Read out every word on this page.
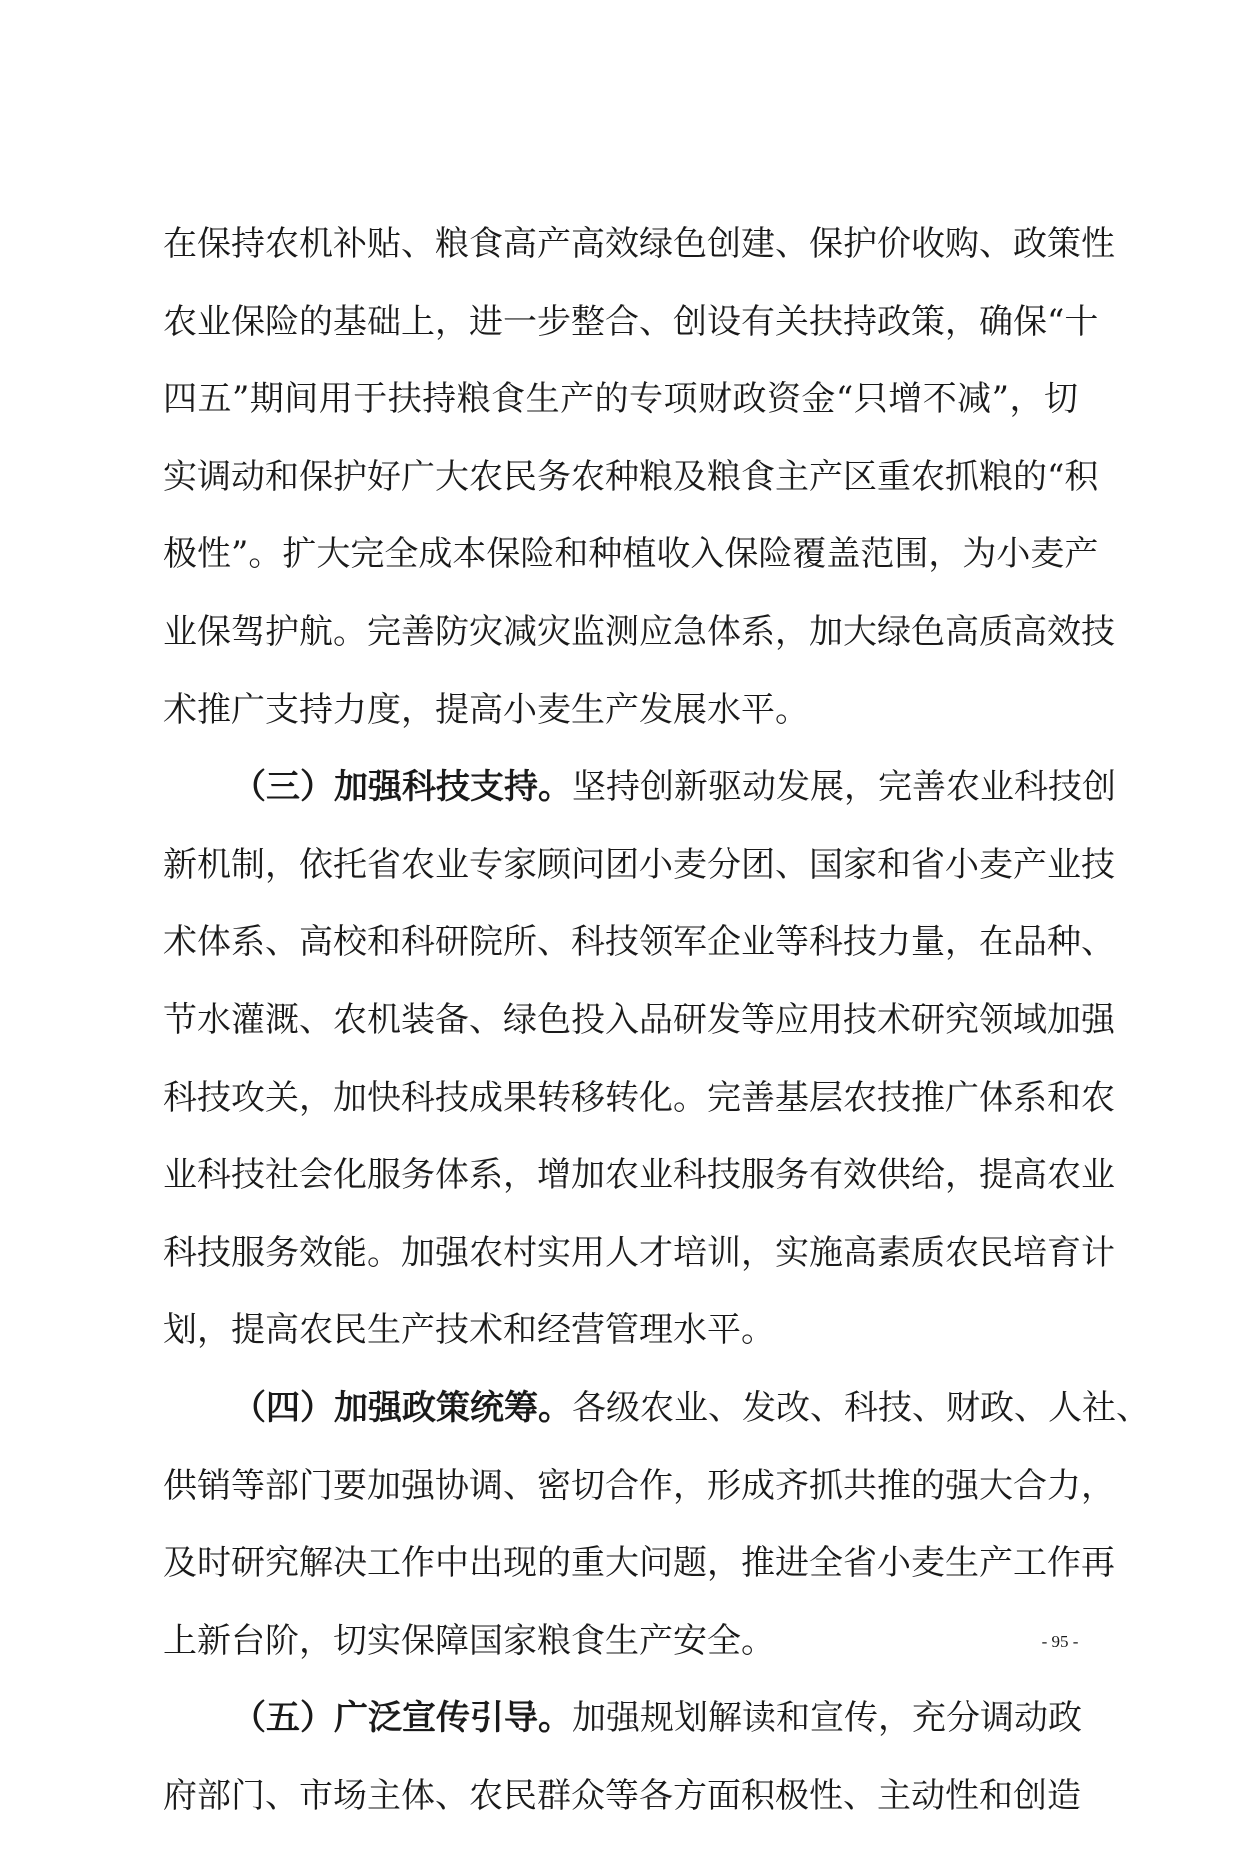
在保持农机补贴、粮食高产高效绿色创建、保护价收购、政策性
农业保险的基础上，进一步整合、创设有关扶持政策，确保“十
四五”期间用于扶持粮食生产的专项财政资金“只增不减”，切
实调动和保护好广大农民务农种粮及粮食主产区重农抓粮的“积
极性”。扩大完全成本保险和种植收入保险覆盖范围，为小麦产
业保驾护航。完善防灾减灾监测应急体系，加大绿色高质高效技
术推广支持力度，提高小麦生产发展水平。
（三）加强科技支持。坚持创新驱动发展，完善农业科技创
新机制，依托省农业专家顾问团小麦分团、国家和省小麦产业技
术体系、高校和科研院所、科技领军企业等科技力量，在品种、
节水灌溉、农机装备、绿色投入品研发等应用技术研究领域加强
科技攻关，加快科技成果转移转化。完善基层农技推广体系和农
业科技社会化服务体系，增加农业科技服务有效供给，提高农业
科技服务效能。加强农村实用人才培训，实施高素质农民培育计
划，提高农民生产技术和经营管理水平。
（四）加强政策统筹。各级农业、发改、科技、财政、人社、
供销等部门要加强协调、密切合作，形成齐抓共推的强大合力，
及时研究解决工作中出现的重大问题，推进全省小麦生产工作再
上新台阶，切实保障国家粮食生产安全。
（五）广泛宣传引导。加强规划解读和宣传，充分调动政
府部门、市场主体、农民群众等各方面积极性、主动性和创造
- 95 -
